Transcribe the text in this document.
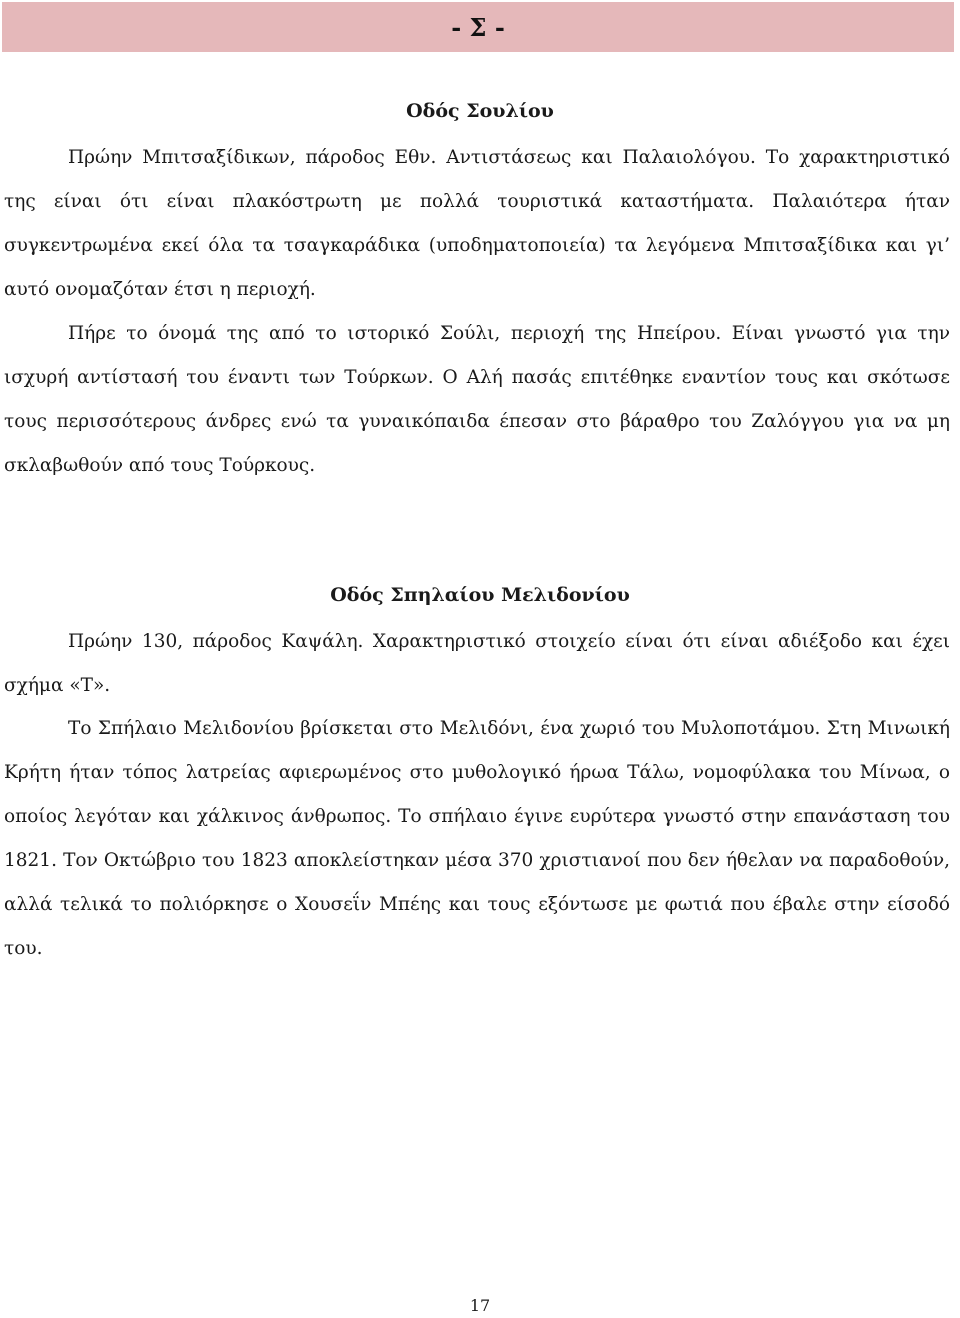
- Σ -
Οδός Σουλίου

Πρώην Μπιτσαξίδικων, πάροδος Εθν. Αντιστάσεως και Παλαιολόγου. Το χαρακτηριστικό της είναι ότι είναι πλακόστρωτη με πολλά τουριστικά καταστήματα. Παλαιότερα ήταν συγκεντρωμένα εκεί όλα τα τσαγκαράδικα (υποδηματοποιεία) τα λεγόμενα Μπιτσαξίδικα και γι’ αυτό ονομαζόταν έτσι η περιοχή.

Πήρε το όνομά της από το ιστορικό Σούλι, περιοχή της Ηπείρου. Είναι γνωστό για την ισχυρή αντίστασή του έναντι των Τούρκων. Ο Αλή πασάς επιτέθηκε εναντίον τους και σκότωσε τους περισσότερους άνδρες ενώ τα γυναικόπαιδα έπεσαν στο βάραθρο του Ζαλόγγου για να μη σκλαβωθούν από τους Τούρκους.

Οδός Σπηλαίου Μελιδονίου

Πρώην 130, πάροδος Καψάλη. Χαρακτηριστικό στοιχείο είναι ότι είναι αδιέξοδο και έχει σχήμα «Τ».

Το Σπήλαιο Μελιδονίου βρίσκεται στο Μελιδόνι, ένα χωριό του Μυλοποτάμου. Στη Μινωική Κρήτη ήταν τόπος λατρείας αφιερωμένος στο μυθολογικό ήρωα Τάλω, νομοφύλακα του Μίνωα, ο οποίος λεγόταν και χάλκινος άνθρωπος. Το σπήλαιο έγινε ευρύτερα γνωστό στην επανάσταση του 1821. Τον Οκτώβριο του 1823 αποκλείστηκαν μέσα 370 χριστιανοί που δεν ήθελαν να παραδοθούν, αλλά τελικά το πολιόρκησε ο Χουσεΐν Μπέης και τους εξόντωσε με φωτιά που έβαλε στην είσοδό του.

17
